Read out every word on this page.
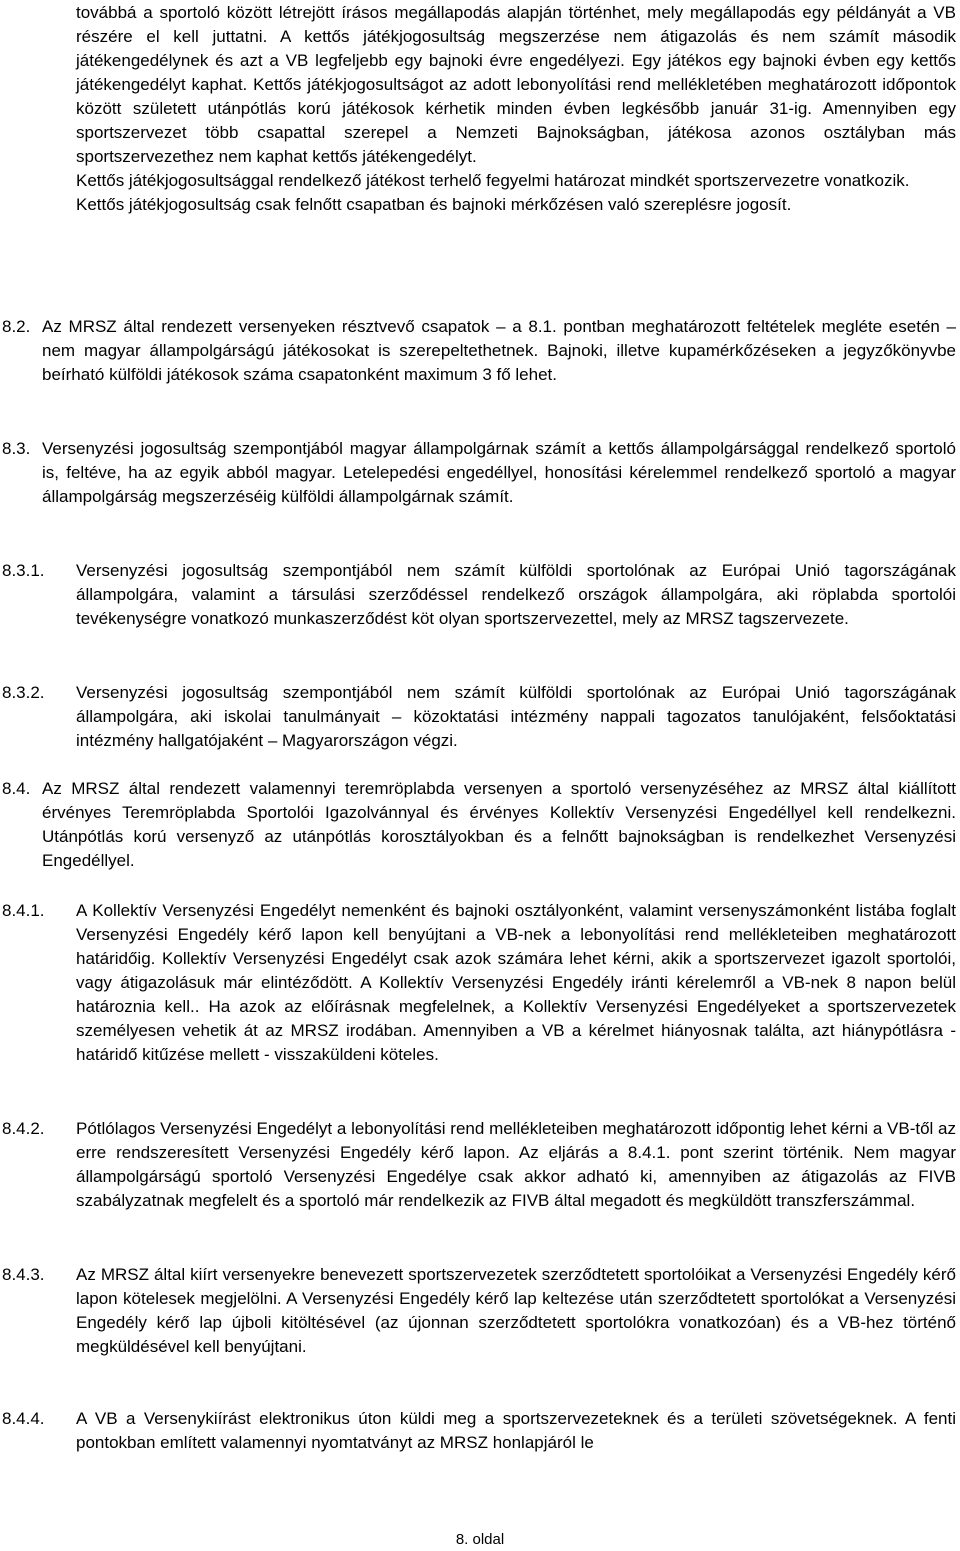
továbbá a sportoló között létrejött írásos megállapodás alapján történhet, mely megállapodás egy példányát a VB részére el kell juttatni. A kettős játékjogosultság megszerzése nem átigazolás és nem számít második játékengedélynek és azt a VB legfeljebb egy bajnoki évre engedélyezi. Egy játékos egy bajnoki évben egy kettős játékengedélyt kaphat. Kettős játékjogosultságot az adott lebonyolítási rend mellékletében meghatározott időpontok között született utánpótlás korú játékosok kérhetik minden évben legkésőbb január 31-ig. Amennyiben egy sportszervezet több csapattal szerepel a Nemzeti Bajnokságban, játékosa azonos osztályban más sportszervezethez nem kaphat kettős játékengedélyt.

Kettős játékjogosultsággal rendelkező játékost terhelő fegyelmi határozat mindkét sportszervezetre vonatkozik.

Kettős játékjogosultság csak felnőtt csapatban és bajnoki mérkőzésen való szereplésre jogosít.

8.2. Az MRSZ által rendezett versenyeken résztvevő csapatok – a 8.1. pontban meghatározott feltételek megléte esetén – nem magyar állampolgárságú játékosokat is szerepeltethetnek. Bajnoki, illetve kupamérkőzéseken a jegyzőkönyvbe beírható külföldi játékosok száma csapatonként maximum 3 fő lehet.

8.3. Versenyzési jogosultság szempontjából magyar állampolgárnak számít a kettős állampolgársággal rendelkező sportoló is, feltéve, ha az egyik abból magyar. Letelepedési engedéllyel, honosítási kérelemmel rendelkező sportoló a magyar állampolgárság megszerzéséig külföldi állampolgárnak számít.

8.3.1. Versenyzési jogosultság szempontjából nem számít külföldi sportolónak az Európai Unió tagországának állampolgára, valamint a társulási szerződéssel rendelkező országok állampolgára, aki röplabda sportolói tevékenységre vonatkozó munkaszerződést köt olyan sportszervezettel, mely az MRSZ tagszervezete.

8.3.2. Versenyzési jogosultság szempontjából nem számít külföldi sportolónak az Európai Unió tagországának állampolgára, aki iskolai tanulmányait – közoktatási intézmény nappali tagozatos tanulójaként, felsőoktatási intézmény hallgatójaként – Magyarországon végzi.

8.4. Az MRSZ által rendezett valamennyi teremröplabda versenyen a sportoló versenyzéséhez az MRSZ által kiállított érvényes Teremröplabda Sportolói Igazolvánnyal és érvényes Kollektív Versenyzési Engedéllyel kell rendelkezni. Utánpótlás korú versenyző az utánpótlás korosztályokban és a felnőtt bajnokságban is rendelkezhet Versenyzési Engedéllyel.

8.4.1. A Kollektív Versenyzési Engedélyt nemenként és bajnoki osztályonként, valamint versenyszámonként listába foglalt Versenyzési Engedély kérő lapon kell benyújtani a VB-nek a lebonyolítási rend mellékleteiben meghatározott határidőig. Kollektív Versenyzési Engedélyt csak azok számára lehet kérni, akik a sportszervezet igazolt sportolói, vagy átigazolásuk már elintéződött. A Kollektív Versenyzési Engedély iránti kérelemről a VB-nek 8 napon belül határoznia kell.. Ha azok az előírásnak megfelelnek, a Kollektív Versenyzési Engedélyeket a sportszervezetek személyesen vehetik át az MRSZ irodában. Amennyiben a VB a kérelmet hiányosnak találta, azt hiánypótlásra - határidő kitűzése mellett - visszaküldeni köteles.

8.4.2. Pótlólagos Versenyzési Engedélyt a lebonyolítási rend mellékleteiben meghatározott időpontig lehet kérni a VB-től az erre rendszeresített Versenyzési Engedély kérő lapon. Az eljárás a 8.4.1. pont szerint történik. Nem magyar állampolgárságú sportoló Versenyzési Engedélye csak akkor adható ki, amennyiben az átigazolás az FIVB szabályzatnak megfelelt és a sportoló már rendelkezik az FIVB által megadott és megküldött transzferszámmal.

8.4.3. Az MRSZ által kiírt versenyekre benevezett sportszervezetek szerződtetett sportolóikat a Versenyzési Engedély kérő lapon kötelesek megjelölni. A Versenyzési Engedély kérő lap keltezése után szerződtetett sportolókat a Versenyzési Engedély kérő lap újboli kitöltésével (az újonnan szerződtetett sportolókra vonatkozóan) és a VB-hez történő megküldésével kell benyújtani.

8.4.4. A VB a Versenykiírást elektronikus úton küldi meg a sportszervezeteknek és a területi szövetségeknek. A fenti pontokban említett valamennyi nyomtatványt az MRSZ honlapjáról le

8. oldal
